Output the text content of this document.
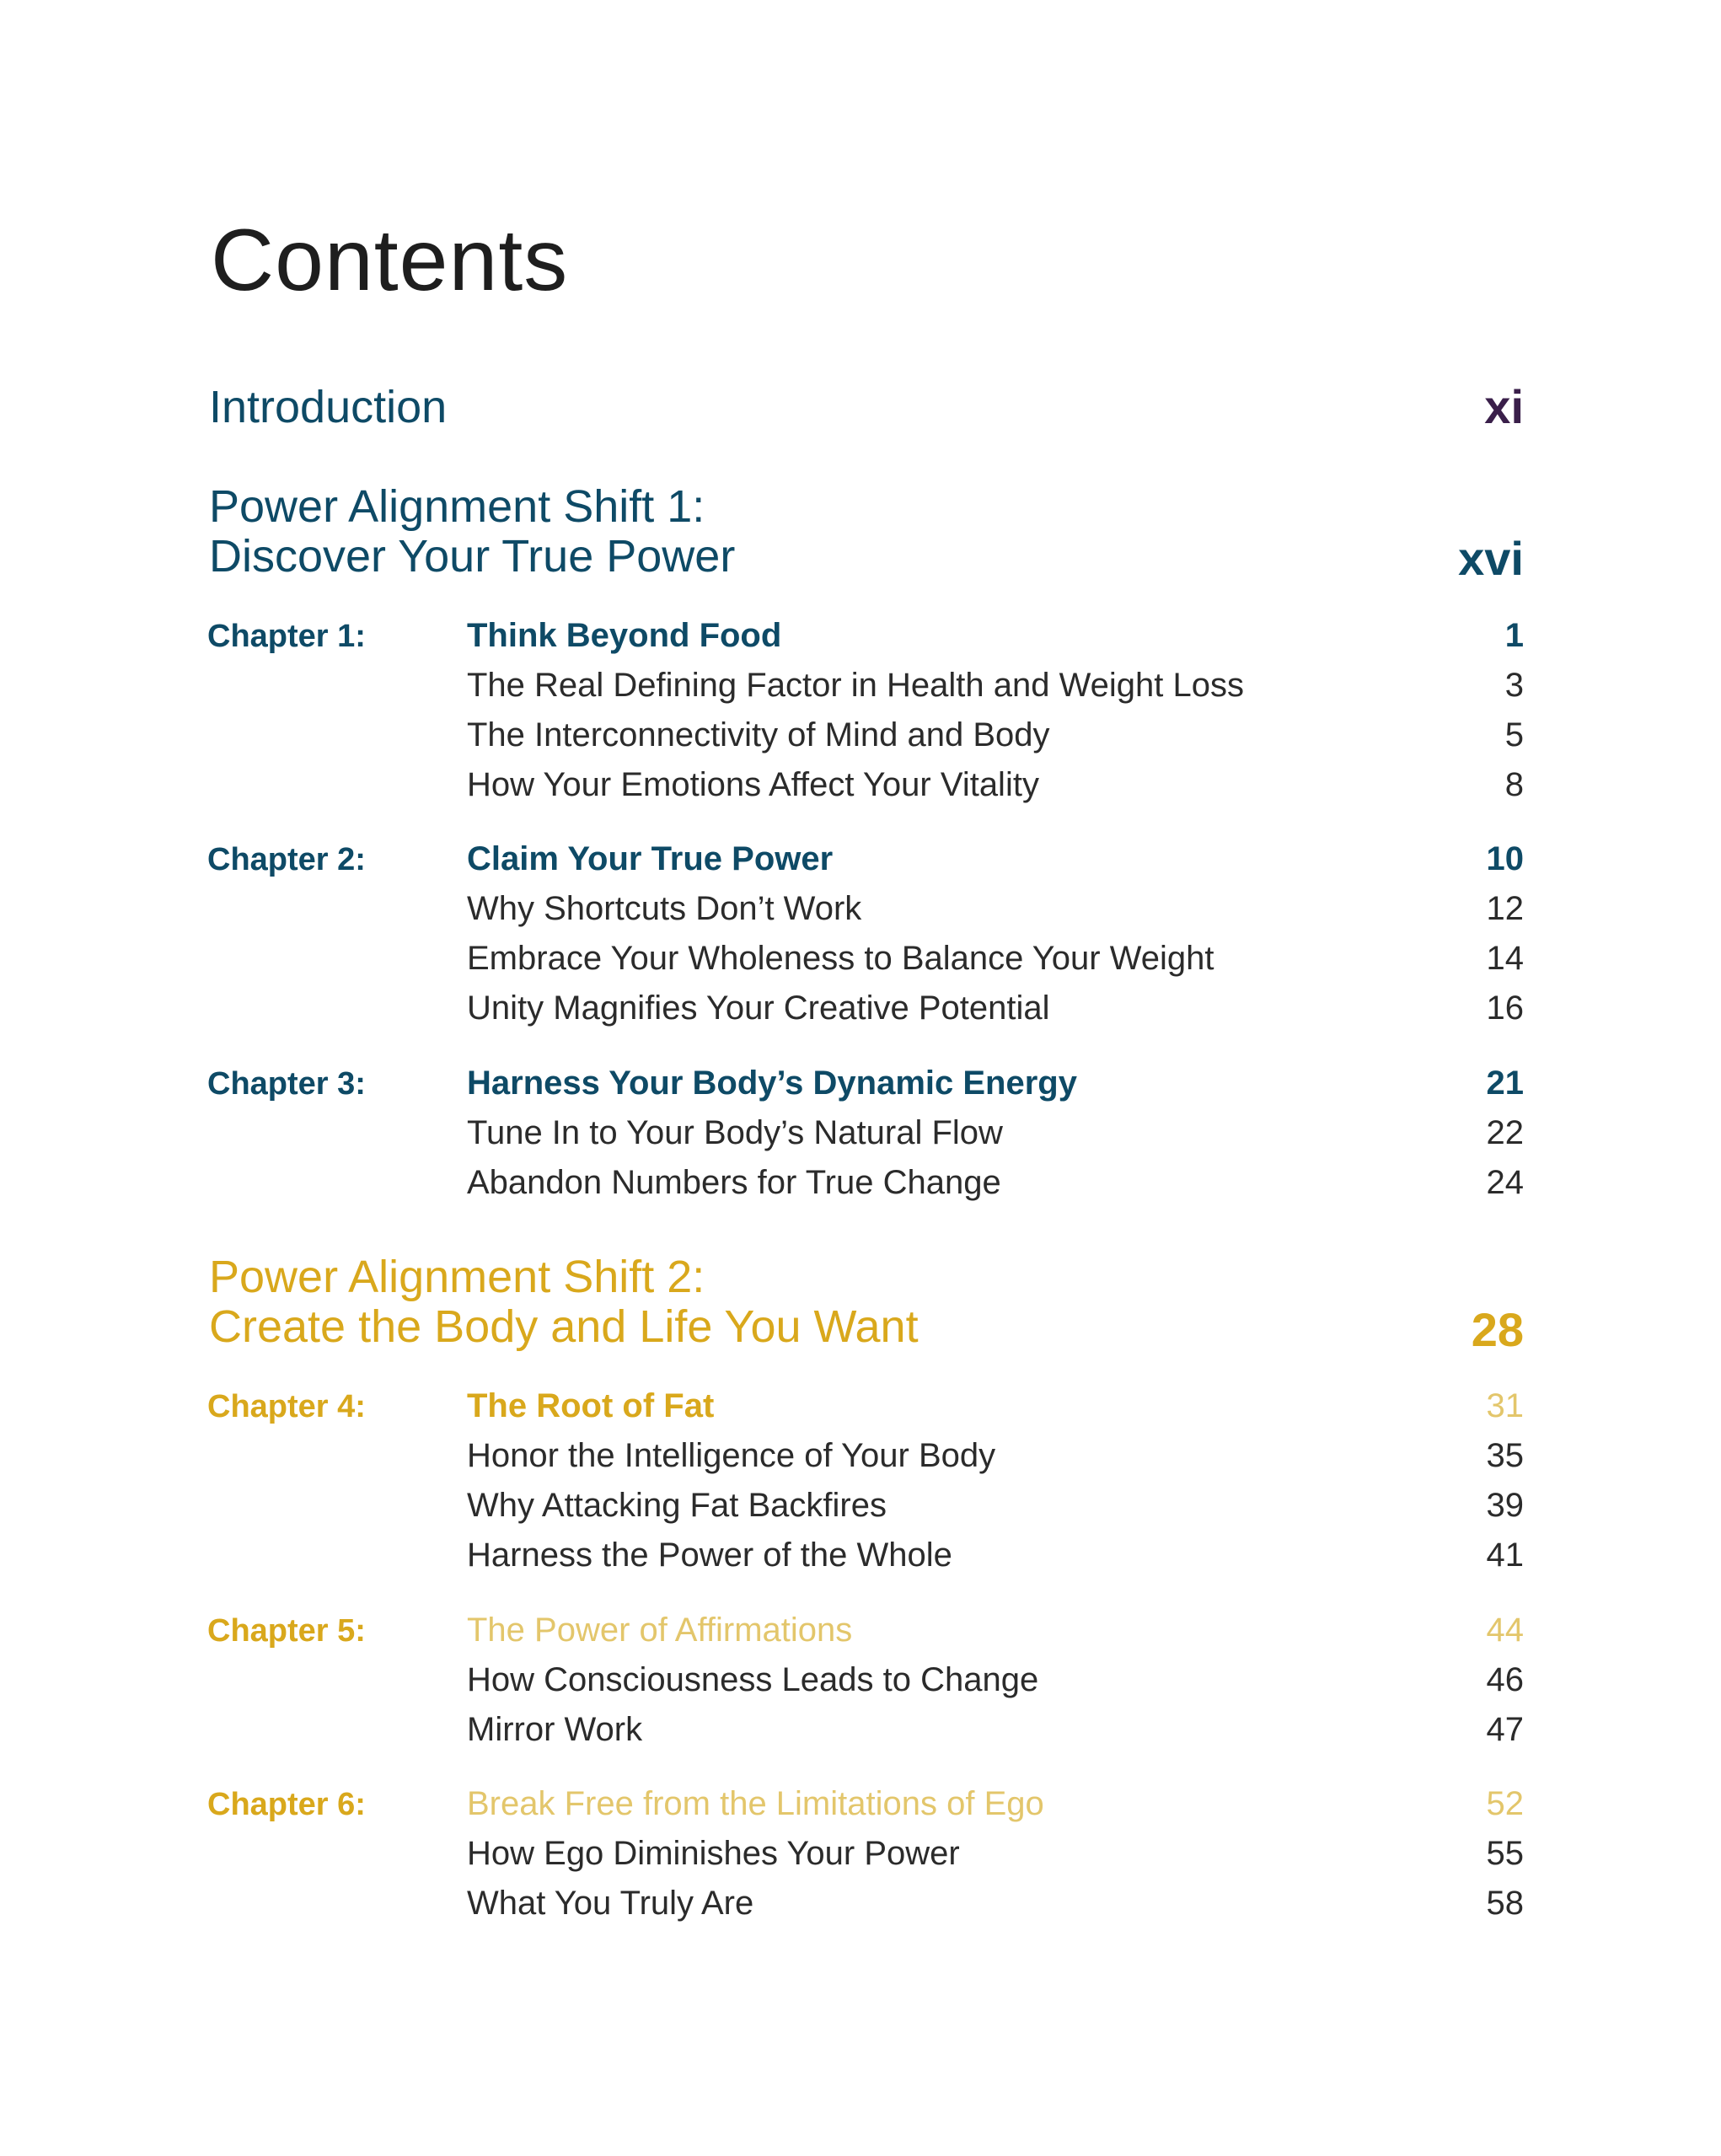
Contents
Introduction	xi
Power Alignment Shift 1:
Discover Your True Power	xvi
Chapter 1:	Think Beyond Food	1
The Real Defining Factor in Health and Weight Loss	3
The Interconnectivity of Mind and Body	5
How Your Emotions Affect Your Vitality	8
Chapter 2:	Claim Your True Power	10
Why Shortcuts Don’t Work	12
Embrace Your Wholeness to Balance Your Weight	14
Unity Magnifies Your Creative Potential	16
Chapter 3:	Harness Your Body’s Dynamic Energy	21
Tune In to Your Body’s Natural Flow	22
Abandon Numbers for True Change	24
Power Alignment Shift 2:
Create the Body and Life You Want	28
Chapter 4:	The Root of Fat	31
Honor the Intelligence of Your Body	35
Why Attacking Fat Backfires	39
Harness the Power of the Whole	41
Chapter 5:	The Power of Affirmations	44
How Consciousness Leads to Change	46
Mirror Work	47
Chapter 6:	Break Free from the Limitations of Ego	52
How Ego Diminishes Your Power	55
What You Truly Are	58
